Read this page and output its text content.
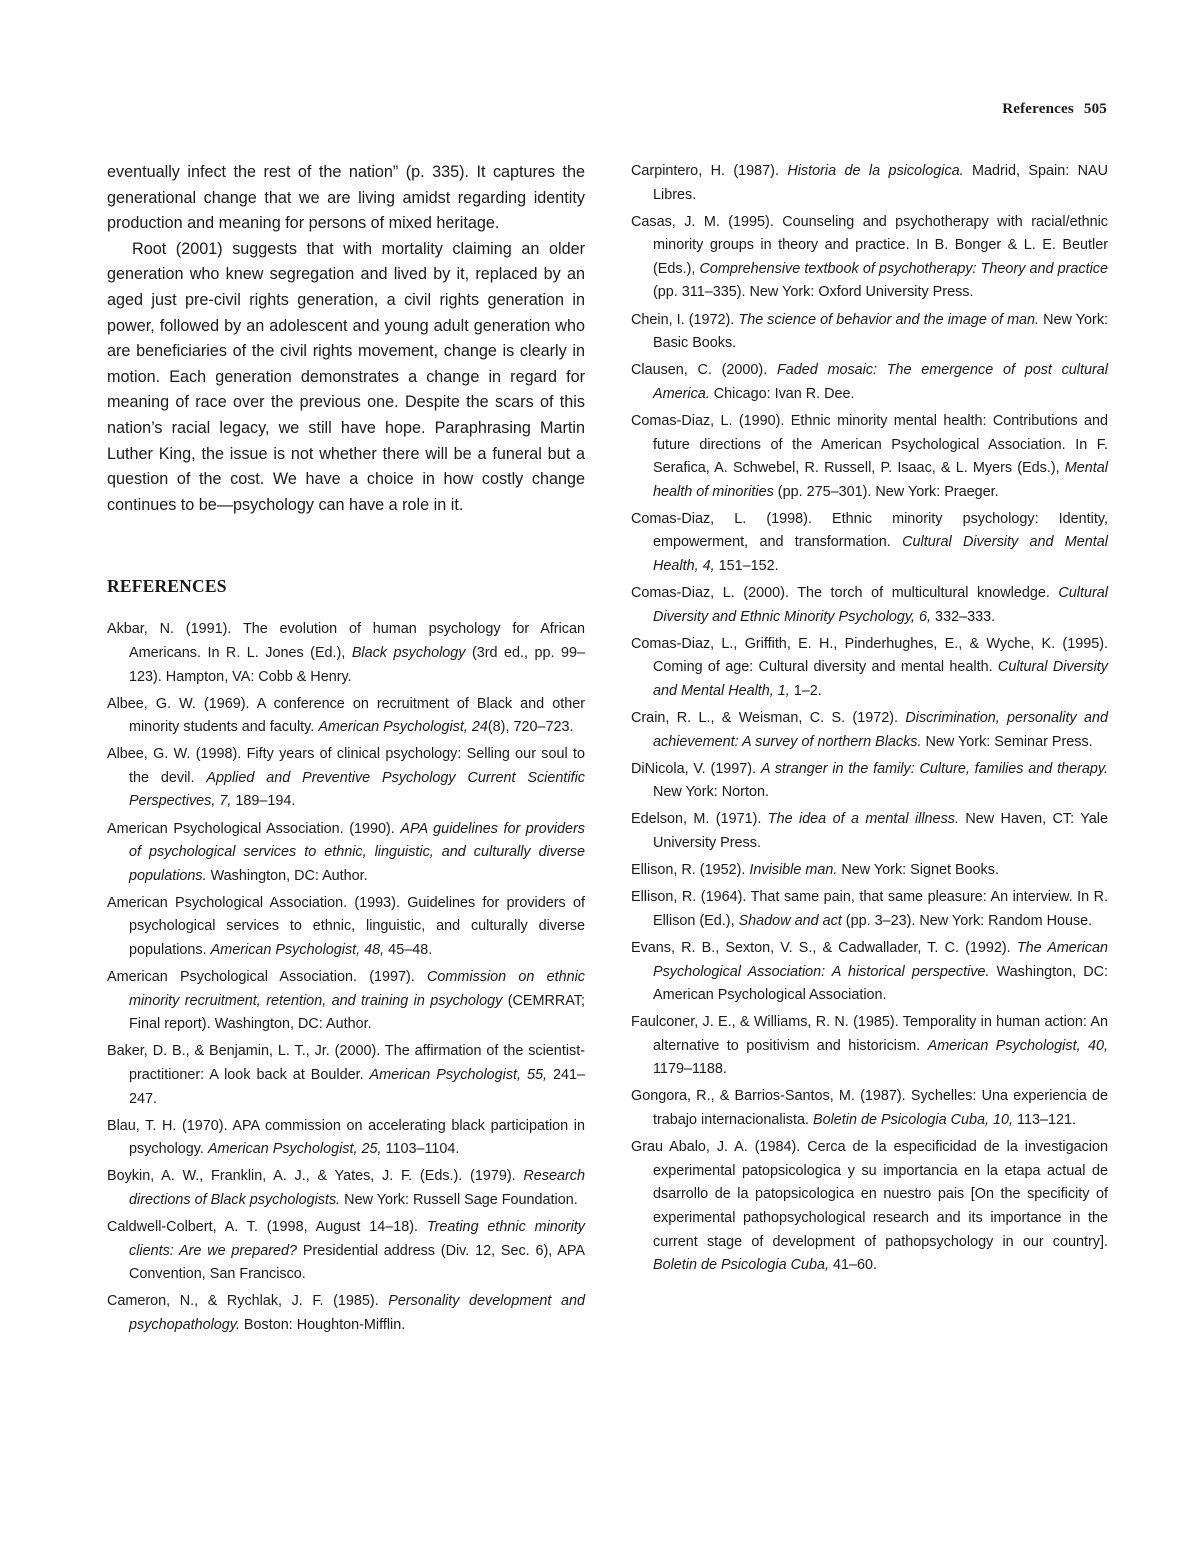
References 505

eventually infect the rest of the nation” (p. 335). It captures the generational change that we are living amidst regarding identity production and meaning for persons of mixed heritage.

Root (2001) suggests that with mortality claiming an older generation who knew segregation and lived by it, replaced by an aged just pre-civil rights generation, a civil rights generation in power, followed by an adolescent and young adult generation who are beneficiaries of the civil rights movement, change is clearly in motion. Each generation demonstrates a change in regard for meaning of race over the previous one. Despite the scars of this nation’s racial legacy, we still have hope. Paraphrasing Martin Luther King, the issue is not whether there will be a funeral but a question of the cost. We have a choice in how costly change continues to be—psychology can have a role in it.

REFERENCES
Akbar, N. (1991). The evolution of human psychology for African Americans. In R. L. Jones (Ed.), Black psychology (3rd ed., pp. 99–123). Hampton, VA: Cobb & Henry.
Albee, G. W. (1969). A conference on recruitment of Black and other minority students and faculty. American Psychologist, 24(8), 720–723.
Albee, G. W. (1998). Fifty years of clinical psychology: Selling our soul to the devil. Applied and Preventive Psychology Current Scientific Perspectives, 7, 189–194.
American Psychological Association. (1990). APA guidelines for providers of psychological services to ethnic, linguistic, and culturally diverse populations. Washington, DC: Author.
American Psychological Association. (1993). Guidelines for providers of psychological services to ethnic, linguistic, and culturally diverse populations. American Psychologist, 48, 45–48.
American Psychological Association. (1997). Commission on ethnic minority recruitment, retention, and training in psychology (CEMRRAT; Final report). Washington, DC: Author.
Baker, D. B., & Benjamin, L. T., Jr. (2000). The affirmation of the scientist-practitioner: A look back at Boulder. American Psychologist, 55, 241–247.
Blau, T. H. (1970). APA commission on accelerating black participation in psychology. American Psychologist, 25, 1103–1104.
Boykin, A. W., Franklin, A. J., & Yates, J. F. (Eds.). (1979). Research directions of Black psychologists. New York: Russell Sage Foundation.
Caldwell-Colbert, A. T. (1998, August 14–18). Treating ethnic minority clients: Are we prepared? Presidential address (Div. 12, Sec. 6), APA Convention, San Francisco.
Cameron, N., & Rychlak, J. F. (1985). Personality development and psychopathology. Boston: Houghton-Mifflin.
Carpintero, H. (1987). Historia de la psicologica. Madrid, Spain: NAU Libres.
Casas, J. M. (1995). Counseling and psychotherapy with racial/ethnic minority groups in theory and practice. In B. Bonger & L. E. Beutler (Eds.), Comprehensive textbook of psychotherapy: Theory and practice (pp. 311–335). New York: Oxford University Press.
Chein, I. (1972). The science of behavior and the image of man. New York: Basic Books.
Clausen, C. (2000). Faded mosaic: The emergence of post cultural America. Chicago: Ivan R. Dee.
Comas-Diaz, L. (1990). Ethnic minority mental health: Contributions and future directions of the American Psychological Association. In F. Serafica, A. Schwebel, R. Russell, P. Isaac, & L. Myers (Eds.), Mental health of minorities (pp. 275–301). New York: Praeger.
Comas-Diaz, L. (1998). Ethnic minority psychology: Identity, empowerment, and transformation. Cultural Diversity and Mental Health, 4, 151–152.
Comas-Diaz, L. (2000). The torch of multicultural knowledge. Cultural Diversity and Ethnic Minority Psychology, 6, 332–333.
Comas-Diaz, L., Griffith, E. H., Pinderhughes, E., & Wyche, K. (1995). Coming of age: Cultural diversity and mental health. Cultural Diversity and Mental Health, 1, 1–2.
Crain, R. L., & Weisman, C. S. (1972). Discrimination, personality and achievement: A survey of northern Blacks. New York: Seminar Press.
DiNicola, V. (1997). A stranger in the family: Culture, families and therapy. New York: Norton.
Edelson, M. (1971). The idea of a mental illness. New Haven, CT: Yale University Press.
Ellison, R. (1952). Invisible man. New York: Signet Books.
Ellison, R. (1964). That same pain, that same pleasure: An interview. In R. Ellison (Ed.), Shadow and act (pp. 3–23). New York: Random House.
Evans, R. B., Sexton, V. S., & Cadwallader, T. C. (1992). The American Psychological Association: A historical perspective. Washington, DC: American Psychological Association.
Faulconer, J. E., & Williams, R. N. (1985). Temporality in human action: An alternative to positivism and historicism. American Psychologist, 40, 1179–1188.
Gongora, R., & Barrios-Santos, M. (1987). Sychelles: Una experiencia de trabajo internacionalista. Boletin de Psicologia Cuba, 10, 113–121.
Grau Abalo, J. A. (1984). Cerca de la especificidad de la investigacion experimental patopsicologica y su importancia en la etapa actual de dsarrollo de la patopsicologica en nuestro pais [On the specificity of experimental pathopsychological research and its importance in the current stage of development of pathopsychology in our country]. Boletin de Psicologia Cuba, 41–60.
